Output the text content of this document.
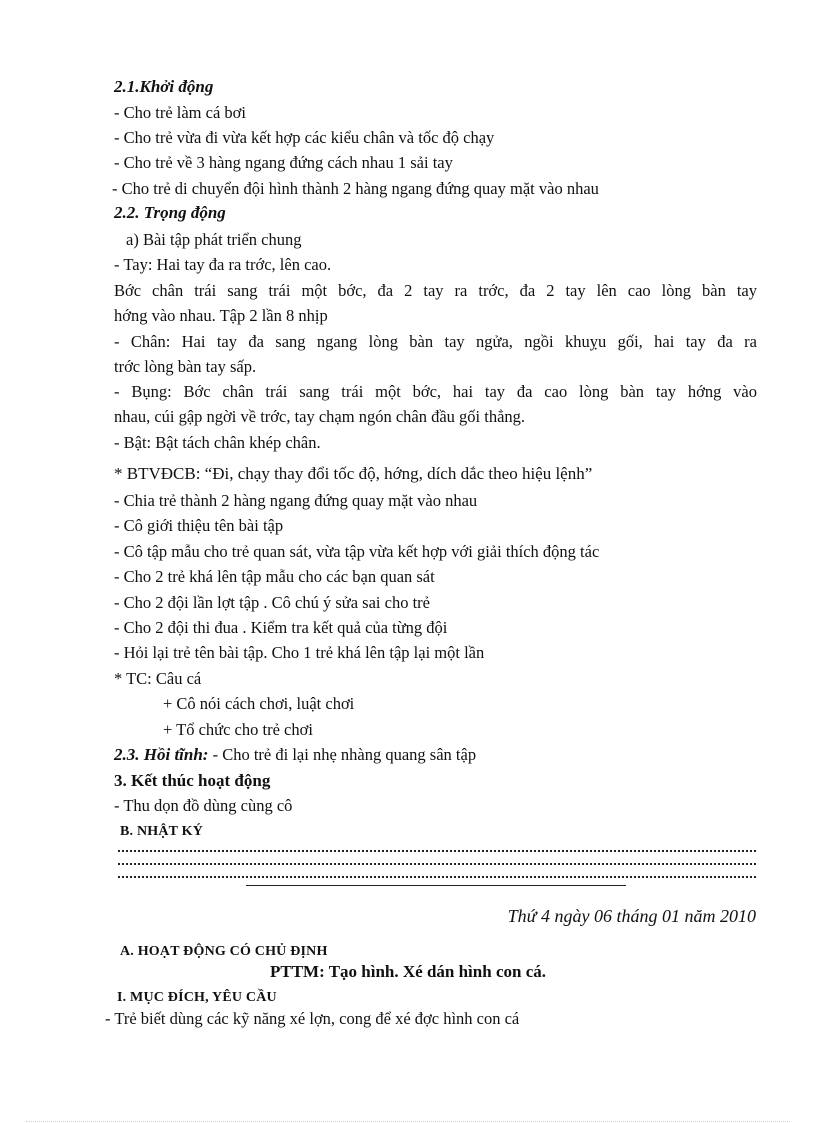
2.1.Khởi động
- Cho trẻ làm cá bơi
- Cho trẻ vừa đi vừa kết hợp các kiểu chân và tốc độ chạy
- Cho trẻ về 3 hàng ngang đứng cách nhau 1 sải tay
- Cho trẻ di chuyển đội hình thành 2 hàng ngang đứng quay mặt vào nhau
2.2. Trọng động
a) Bài tập phát triển chung
- Tay: Hai tay đa ra trớc, lên cao.
Bớc chân trái sang trái một bớc, đa 2 tay ra trớc, đa 2 tay lên cao lòng bàn tay
hớng vào nhau. Tập 2 lần 8 nhịp
- Chân: Hai tay đa sang ngang lòng bàn tay ngửa, ngồi khuỵu gối, hai tay đa ra
trớc lòng bàn tay sấp.
- Bụng: Bớc chân trái sang trái một bớc, hai tay đa cao lòng bàn tay hớng vào
nhau, cúi gập ngời về trớc, tay chạm ngón chân đầu gối thẳng.
- Bật: Bật tách chân khép chân.
* BTVĐCB: “Đi, chạy thay đổi tốc độ, hớng, dích dắc theo hiệu lệnh”
- Chia trẻ thành 2 hàng ngang đứng quay mặt vào nhau
- Cô giới thiệu tên bài tập
- Cô tập mẫu cho trẻ quan sát, vừa tập vừa kết hợp với giải thích động tác
- Cho 2 trẻ khá lên tập mẫu cho các bạn quan sát
- Cho 2 đội lần lợt tập . Cô chú ý sửa sai cho trẻ
- Cho 2 đội thi đua . Kiểm tra kết quả của từng đội
- Hỏi lại trẻ tên bài tập. Cho 1 trẻ khá lên tập lại một lần
* TC: Câu cá
+ Cô nói cách chơi, luật chơi
+ Tổ chức cho trẻ chơi
2.3. Hồi tĩnh: - Cho trẻ đi lại nhẹ nhàng quang sân tập
3. Kết thúc hoạt động
- Thu dọn đồ dùng cùng cô
B. NHẬT KÝ
Thứ 4 ngày 06 tháng 01 năm 2010
A. HOẠT ĐỘNG CÓ CHỦ ĐỊNH
PTTM: Tạo hình. Xé dán hình con cá.
I. MỤC ĐÍCH, YÊU CẦU
- Trẻ biết dùng các kỹ năng xé lợn, cong để xé đợc hình con cá
